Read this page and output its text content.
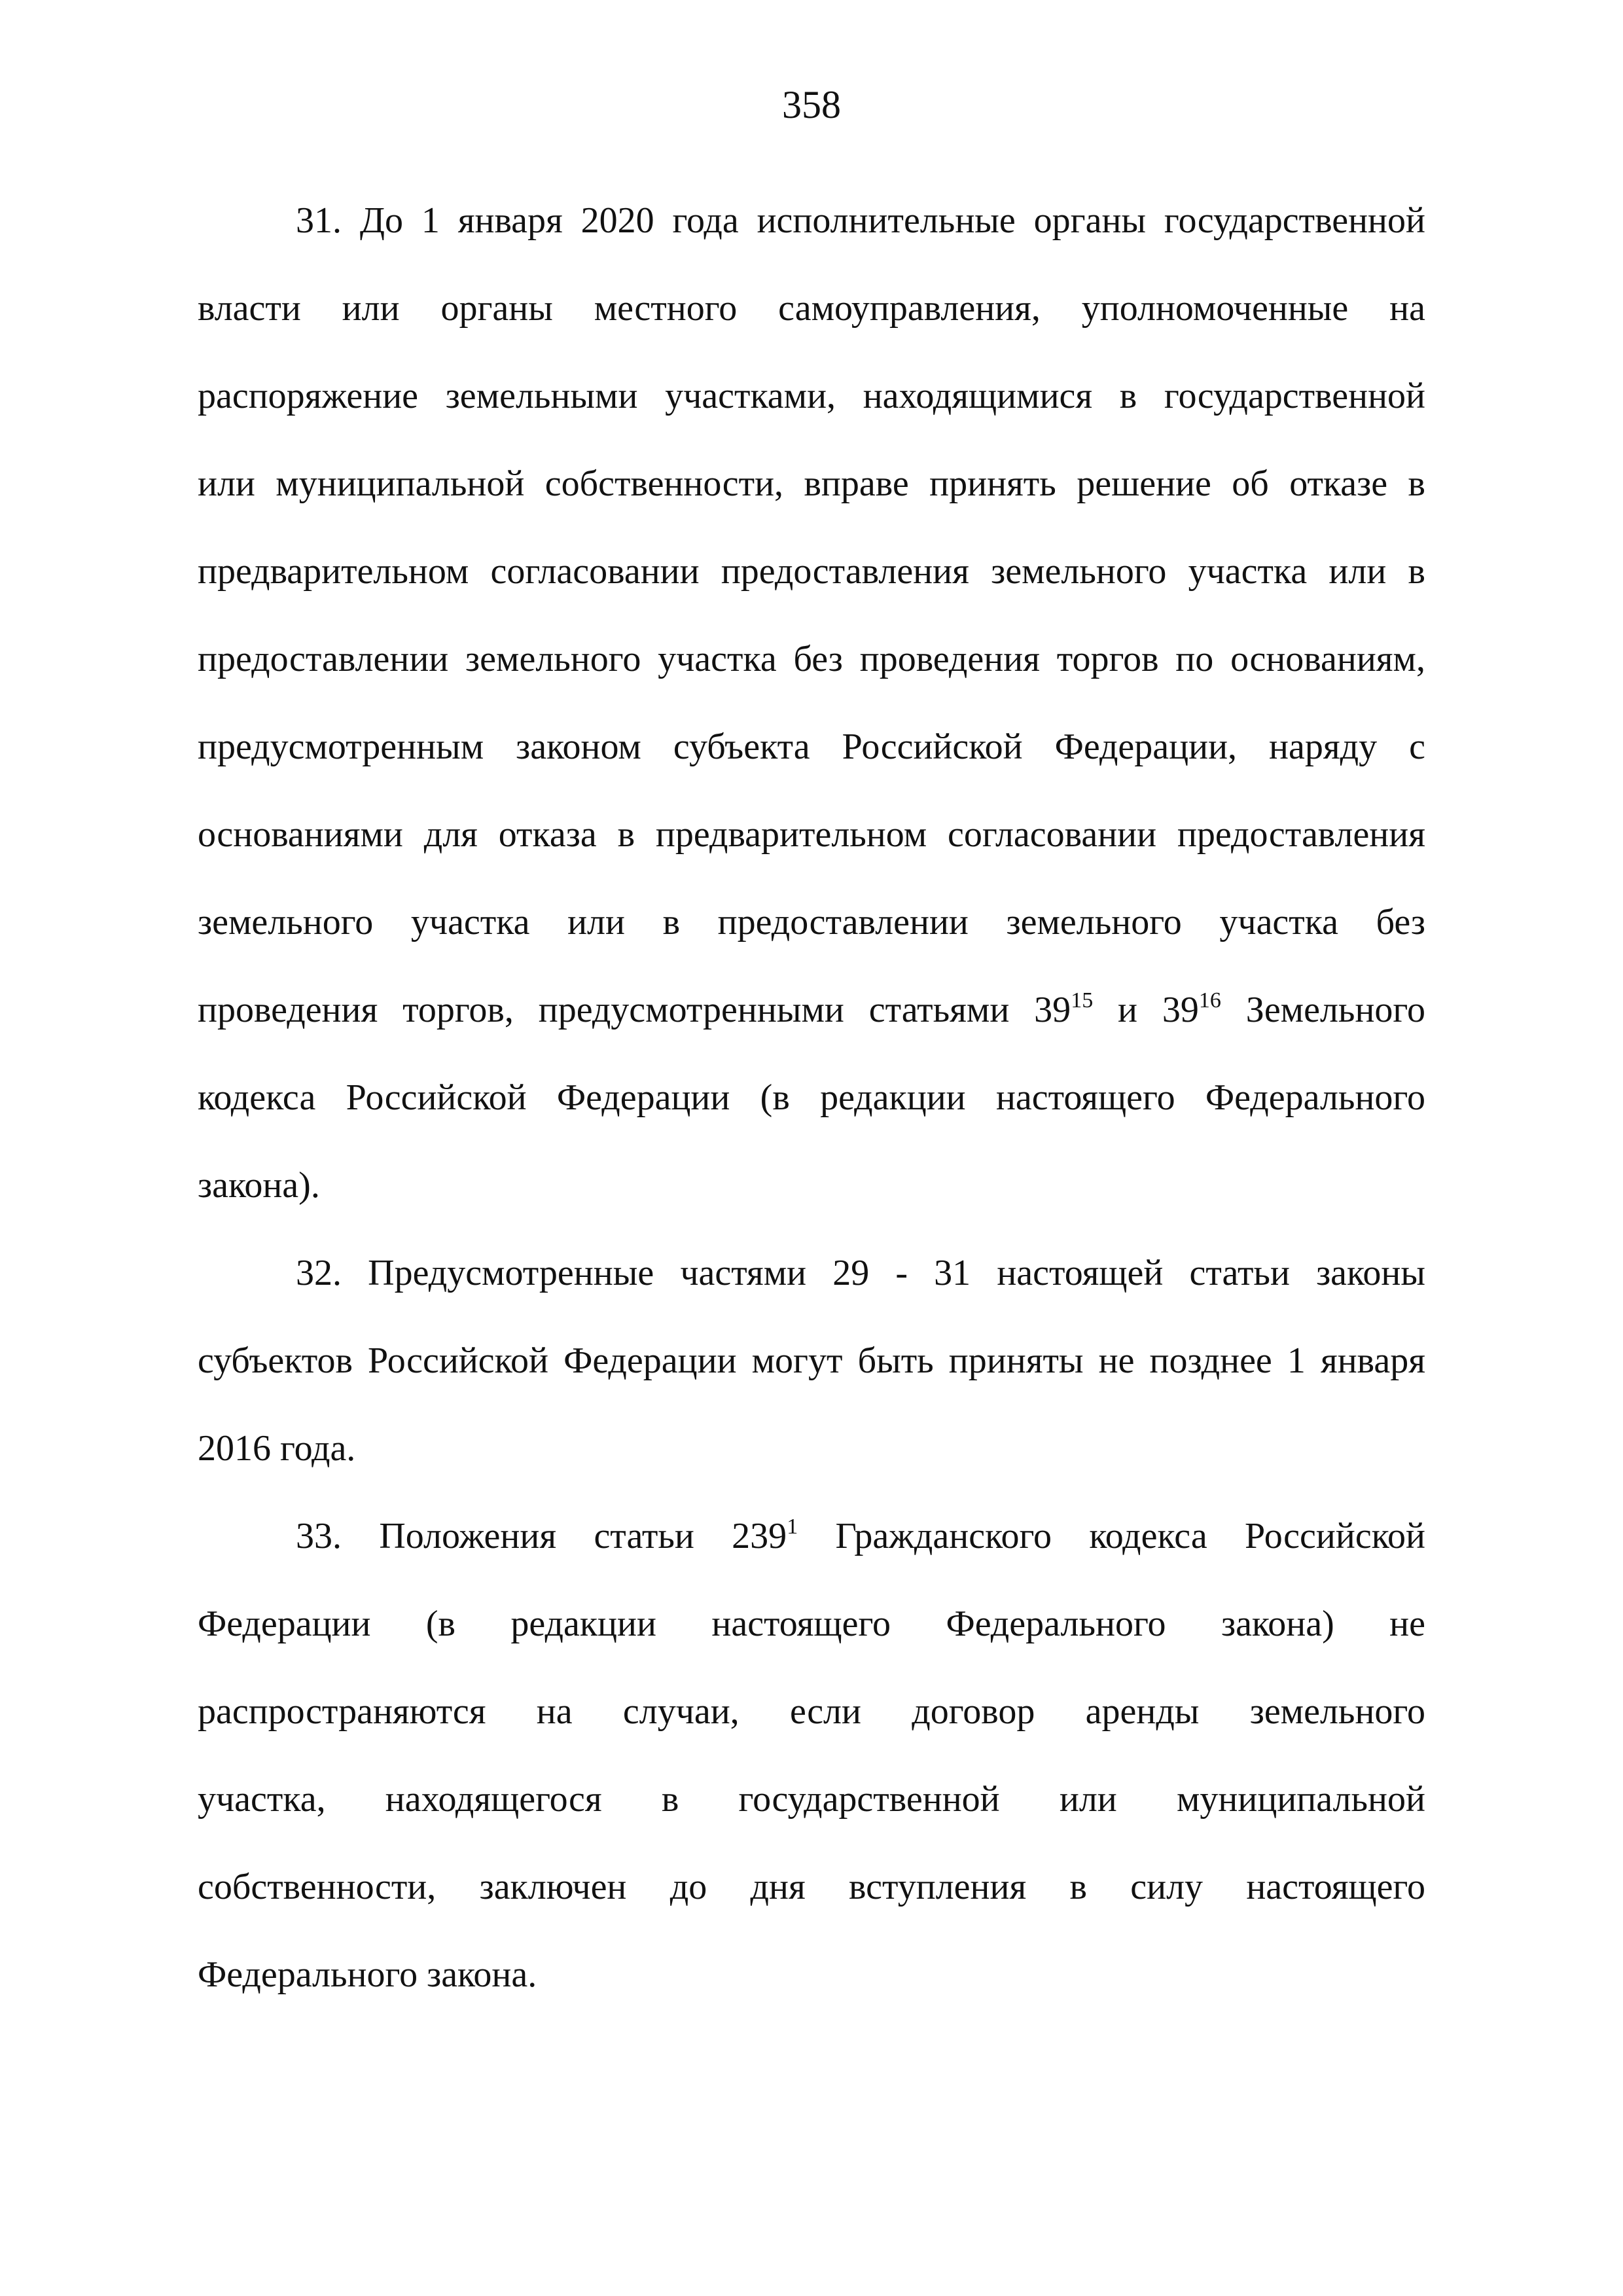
358
31. До 1 января 2020 года исполнительные органы государственной
власти или органы местного самоуправления, уполномоченные на
распоряжение земельными участками, находящимися в государственной
или муниципальной собственности, вправе принять решение об отказе в
предварительном согласовании предоставления земельного участка или в
предоставлении земельного участка без проведения торгов по основаниям,
предусмотренным законом субъекта Российской Федерации, наряду с
основаниями для отказа в предварительном согласовании предоставления
земельного участка или в предоставлении земельного участка без
проведения торгов, предусмотренными статьями $39^{15}$ и $39^{16}$ Земельного
кодекса Российской Федерации (в редакции настоящего Федерального
закона).
32. Предусмотренные частями 29 - 31 настоящей статьи законы
субъектов Российской Федерации могут быть приняты не позднее 1 января
2016 года.
33. Положения статьи $239^1$ Гражданского кодекса Российской
Федерации (в редакции настоящего Федерального закона) не
распространяются на случаи, если договор аренды земельного
участка, находящегося в государственной или муниципальной
собственности, заключен до дня вступления в силу настоящего
Федерального закона.
